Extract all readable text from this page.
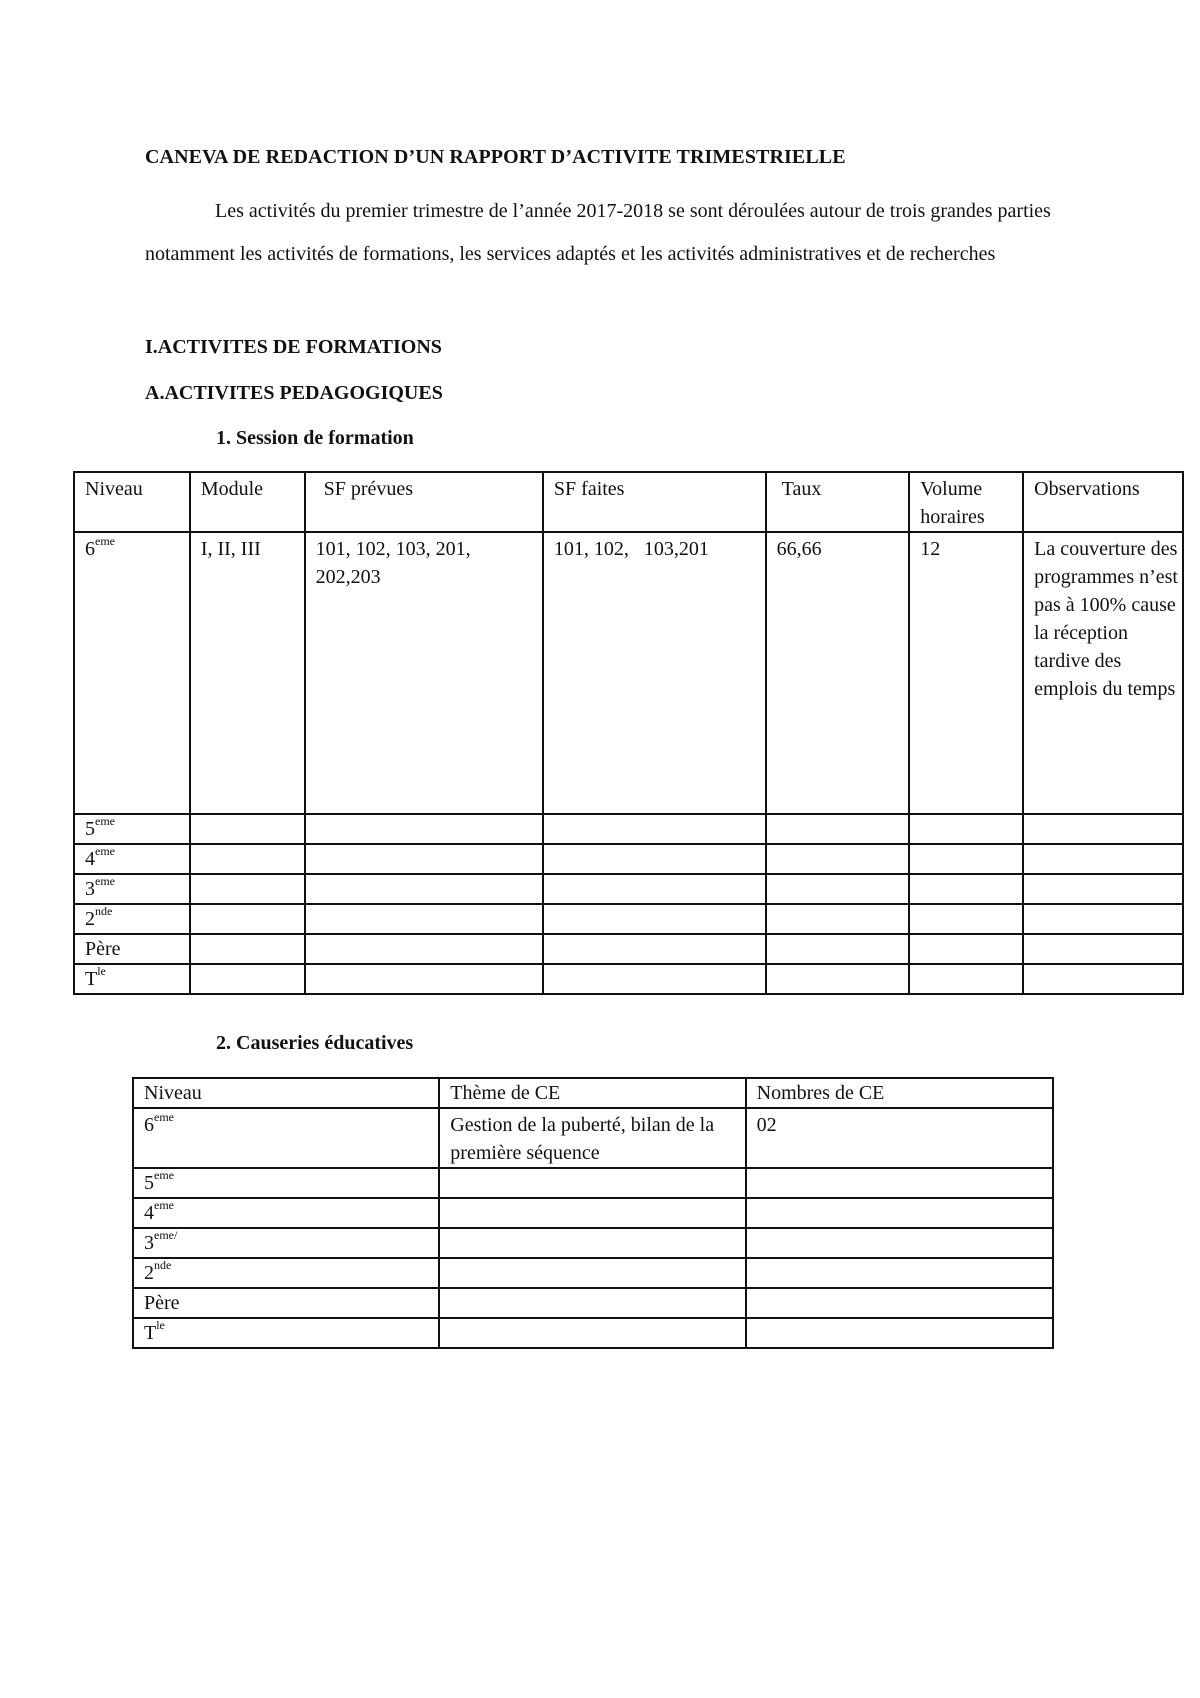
CANEVA DE REDACTION D’UN RAPPORT D’ACTIVITE TRIMESTRIELLE
Les activités du premier trimestre de l’année 2017-2018 se sont déroulées autour de trois grandes parties notamment les activités de formations, les services adaptés et les activités administratives et de recherches
I.ACTIVITES DE FORMATIONS
A.ACTIVITES PEDAGOGIQUES
1. Session de formation
Niveau	Module	SF prévues	SF faites	Taux	Volume horaires	Observations
6eme	I, II, III	101, 102, 103, 201, 202,203	101, 102,   103,201	66,66	12	La couverture des programmes n’est pas à 100% cause la réception tardive des emplois du temps
5eme						
4eme						
3eme						
2nde						
Père						
$T^{le}$						
2. Causeries éducatives
Niveau	Thème de CE	Nombres de CE
6eme	Gestion de la puberté, bilan de la première séquence	02
5eme		
4eme		
$3^{eme/}$		
2nde		
Père		
$T^{le}$		
